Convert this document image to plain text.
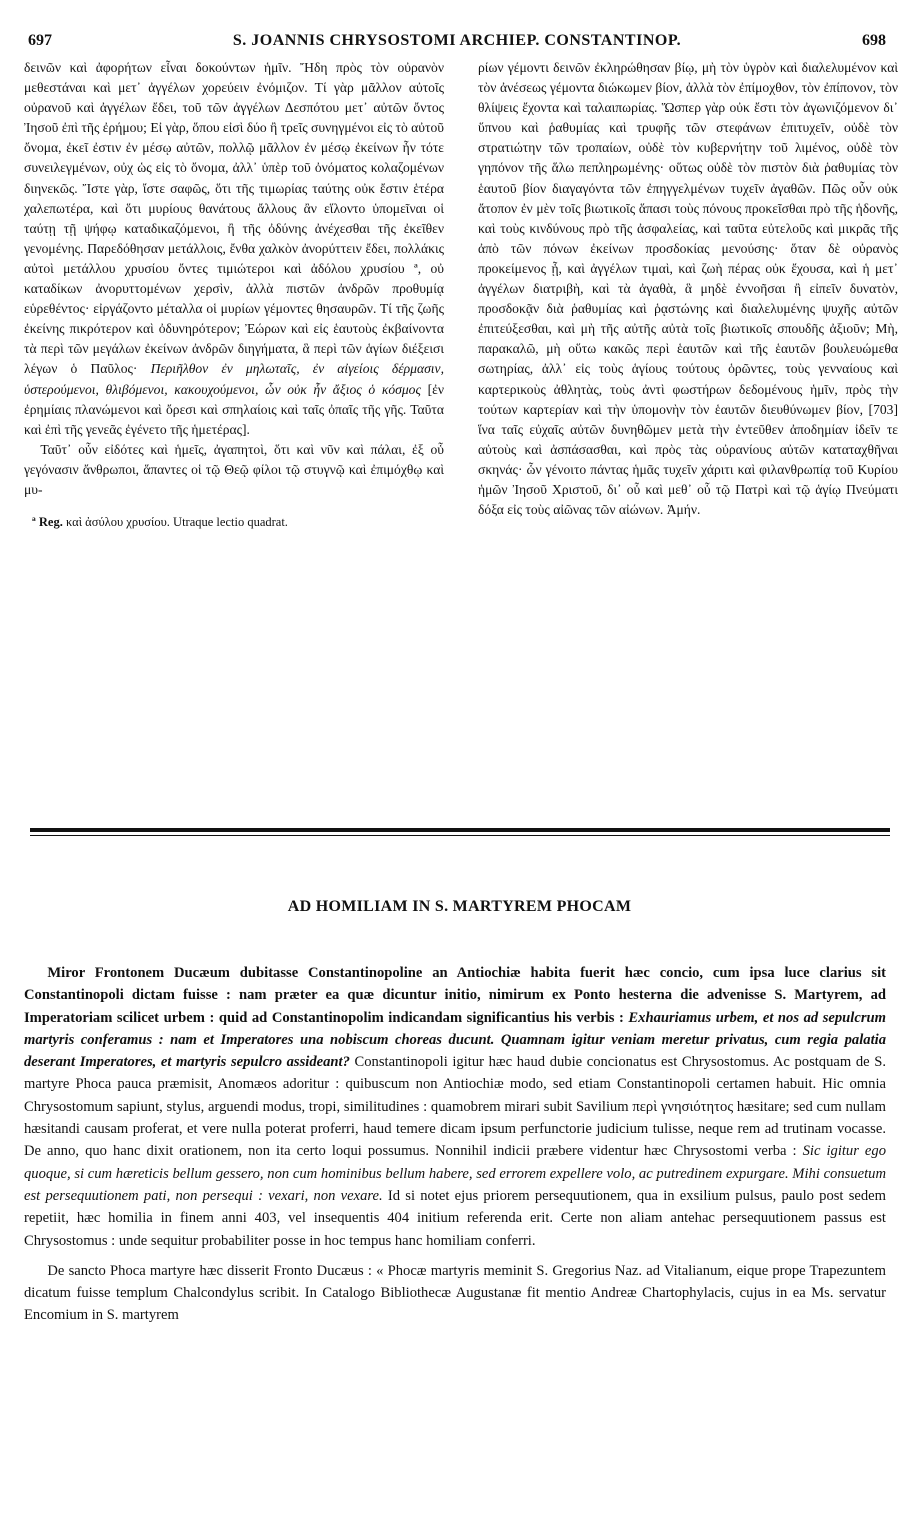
697	S. JOANNIS CHRYSOSTOMI ARCHIEP. CONSTANTINOP.	698

δεινῶν καὶ ἀφορήτων εἶναι δοκούντων ἡμῖν. Ἤδη πρὸς τὸν οὐρανὸν μεθεστάναι καὶ μετ᾽ ἀγγέλων χορεύειν ἐνόμιζον. Τί γὰρ μᾶλλον αὐτοῖς οὐρανοῦ καὶ ἀγγέλων ἔδει, τοῦ τῶν ἀγγέλων Δεσπότου μετ᾽ αὐτῶν ὄντος Ἰησοῦ ἐπὶ τῆς ἐρήμου; Εἰ γὰρ, ὅπου εἰσὶ δύο ἢ τρεῖς συνηγμένοι εἰς τὸ αὐτοῦ ὄνομα, ἐκεῖ ἐστιν ἐν μέσῳ αὐτῶν, πολλῷ μᾶλλον ἐν μέσῳ ἐκείνων ἦν τότε συνειλεγμένων, οὐχ ὡς εἰς τὸ ὄνομα, ἀλλ᾽ ὑπὲρ τοῦ ὀνόματος κολαζομένων διηνεκῶς. Ἴστε γὰρ, ἴστε σαφῶς, ὅτι τῆς τιμωρίας ταύτης οὐκ ἔστιν ἑτέρα χαλεπωτέρα, καὶ ὅτι μυρίους θανάτους ἄλλους ἂν εἵλοντο ὑπομεῖναι οἱ ταύτῃ τῇ ψήφῳ καταδικαζόμενοι, ἢ τῆς ὀδύνης ἀνέχεσθαι τῆς ἐκεῖθεν γενομένης. Παρεδόθησαν μετάλλοις, ἔνθα χαλκὸν ἀνορύττειν ἔδει, πολλάκις αὐτοὶ μετάλλου χρυσίου ὄντες τιμιώτεροι καὶ ἀδόλου χρυσίου ª, οὐ καταδίκων ἀνορυττομένων χερσὶν, ἀλλὰ πιστῶν ἀνδρῶν προθυμίᾳ εὑρεθέντος· εἰργάζοντο μέταλλα οἱ μυρίων γέμοντες θησαυρῶν. Τί τῆς ζωῆς ἐκείνης πικρότερον καὶ ὀδυνηρότερον; Ἐώρων καὶ εἰς ἑαυτοὺς ἐκβαίνοντα τὰ περὶ τῶν μεγάλων ἐκείνων ἀνδρῶν διηγήματα, ἃ περὶ τῶν ἁγίων διέξεισι λέγων ὁ Παῦλος· Περιῆλθον ἐν μηλωταῖς, ἐν αἰγείοις δέρμασιν, ὑστερούμενοι, θλιβόμενοι, κακουχούμενοι, ὧν οὐκ ἦν ἄξιος ὁ κόσμος [ἐν ἐρημίαις πλανώμενοι καὶ ὄρεσι καὶ σπηλαίοις καὶ ταῖς ὀπαῖς τῆς γῆς. Ταῦτα καὶ ἐπὶ τῆς γενεᾶς ἐγένετο τῆς ἡμετέρας].

Ταῦτ᾽ οὖν εἰδότες καὶ ἡμεῖς, ἀγαπητοὶ, ὅτι καὶ νῦν καὶ πάλαι, ἐξ οὗ γεγόνασιν ἄνθρωποι, ἅπαντες οἱ τῷ Θεῷ φίλοι τῷ στυγνῷ καὶ ἐπιμόχθῳ καὶ μυ-

ª Reg. καὶ ἀσύλου χρυσίου. Utraque lectio quadrat.

ρίων γέμοντι δεινῶν ἐκληρώθησαν βίῳ, μὴ τὸν ὑγρὸν καὶ διαλελυμένον καὶ τὸν ἀνέσεως γέμοντα διώκωμεν βίον, ἀλλὰ τὸν ἐπίμοχθον, τὸν ἐπίπονον, τὸν θλίψεις ἔχοντα καὶ ταλαιπωρίας. Ὥσπερ γὰρ οὐκ ἔστι τὸν ἀγωνιζόμενον δι᾽ ὕπνου καὶ ῥαθυμίας καὶ τρυφῆς τῶν στεφάνων ἐπιτυχεῖν, οὐδὲ τὸν στρατιώτην τῶν τροπαίων, οὐδὲ τὸν κυβερνήτην τοῦ λιμένος, οὐδὲ τὸν γηπόνον τῆς ἅλω πεπληρωμένης· οὕτως οὐδὲ τὸν πιστὸν διὰ ῥαθυμίας τὸν ἑαυτοῦ βίον διαγαγόντα τῶν ἐπηγγελμένων τυχεῖν ἀγαθῶν. Πῶς οὖν οὐκ ἄτοπον ἐν μὲν τοῖς βιωτικοῖς ἅπασι τοὺς πόνους προκεῖσθαι πρὸ τῆς ἡδονῆς, καὶ τοὺς κινδύνους πρὸ τῆς ἀσφαλείας, καὶ ταῦτα εὐτελοῦς καὶ μικρᾶς τῆς ἀπὸ τῶν πόνων ἐκείνων προσδοκίας μενούσης· ὅταν δὲ οὐρανὸς προκείμενος ᾖ, καὶ ἀγγέλων τιμαὶ, καὶ ζωὴ πέρας οὐκ ἔχουσα, καὶ ἡ μετ᾽ ἀγγέλων διατριβὴ, καὶ τὰ ἀγαθὰ, ἃ μηδὲ ἐννοῆσαι ἢ εἰπεῖν δυνατὸν, προσδοκᾷν διὰ ῥαθυμίας καὶ ῥᾳστώνης καὶ διαλελυμένης ψυχῆς αὐτῶν ἐπιτεύξεσθαι, καὶ μὴ τῆς αὐτῆς αὐτὰ τοῖς βιωτικοῖς σπουδῆς ἀξιοῦν; Μὴ, παρακαλῶ, μὴ οὕτω κακῶς περὶ ἑαυτῶν καὶ τῆς ἑαυτῶν βουλευώμεθα σωτηρίας, ἀλλ᾽ εἰς τοὺς ἁγίους τούτους ὁρῶντες, τοὺς γενναίους καὶ καρτερικοὺς ἀθλητὰς, τοὺς ἀντὶ φωστήρων δεδομένους ἡμῖν, πρὸς τὴν τούτων καρτερίαν καὶ τὴν ὑπομονὴν τὸν ἑαυτῶν διευθύνωμεν βίον, [703] ἵνα ταῖς εὐχαῖς αὐτῶν δυνηθῶμεν μετὰ τὴν ἐντεῦθεν ἀποδημίαν ἰδεῖν τε αὐτοὺς καὶ ἀσπάσασθαι, καὶ πρὸς τὰς οὐρανίους αὐτῶν καταταχθῆναι σκηνάς· ὧν γένοιτο πάντας ἡμᾶς τυχεῖν χάριτι καὶ φιλανθρωπίᾳ τοῦ Κυρίου ἡμῶν Ἰησοῦ Χριστοῦ, δι᾽ οὗ καὶ μεθ᾽ οὗ τῷ Πατρὶ καὶ τῷ ἁγίῳ Πνεύματι δόξα εἰς τοὺς αἰῶνας τῶν αἰώνων. Ἀμήν.

AD HOMILIAM IN S. MARTYREM PHOCAM

Miror Frontonem Ducæum dubitasse Constantinopoline an Antiochiæ habita fuerit hæc concio, cum ipsa luce clarius sit Constantinopoli dictam fuisse : nam præter ea quæ dicuntur initio, nimirum ex Ponto hesterna die advenisse S. Martyrem, ad Imperatoriam scilicet urbem : quid ad Constantinopolim indicandam significantius his verbis : Exhauriamus urbem, et nos ad sepulcrum martyris conferamus : nam et Imperatores una nobiscum choreas ducunt. Quamnam igitur veniam meretur privatus, cum regia palatia deserant Imperatores, et martyris sepulcro assideant? Constantinopoli igitur hæc haud dubie concionatus est Chrysostomus. Ac postquam de S. martyre Phoca pauca præmisit, Anomæos adoritur : quibuscum non Antiochiæ modo, sed etiam Constantinopoli certamen habuit. Hic omnia Chrysostomum sapiunt, stylus, arguendi modus, tropi, similitudines : quamobrem mirari subit Savilium περὶ γνησιότητος hæsitare; sed cum nullam hæsitandi causam proferat, et vere nulla poterat proferri, haud temere dicam ipsum perfunctorie judicium tulisse, neque rem ad trutinam vocasse. De anno, quo hanc dixit orationem, non ita certo loqui possumus. Nonnihil indicii præbere videntur hæc Chrysostomi verba : Sic igitur ego quoque, si cum hæreticis bellum gessero, non cum hominibus bellum habere, sed errorem expellere volo, ac putredinem expurgare. Mihi consuetum est persequutionem pati, non persequi : vexari, non vexare. Id si notet ejus priorem persequutionem, qua in exsilium pulsus, paulo post sedem repetiit, hæc homilia in finem anni 403, vel insequentis 404 initium referenda erit. Certe non aliam antehac persequutionem passus est Chrysostomus : unde sequitur probabiliter posse in hoc tempus hanc homiliam conferri.

De sancto Phoca martyre hæc disserit Fronto Ducæus : « Phocæ martyris meminit S. Gregorius Naz. ad Vitalianum, eique prope Trapezuntem dicatum fuisse templum Chalcondylus scribit. In Catalogo Bibliothecæ Augustanæ fit mentio Andreæ Chartophylacis, cujus in ea Ms. servatur Encomium in S. martyrem
